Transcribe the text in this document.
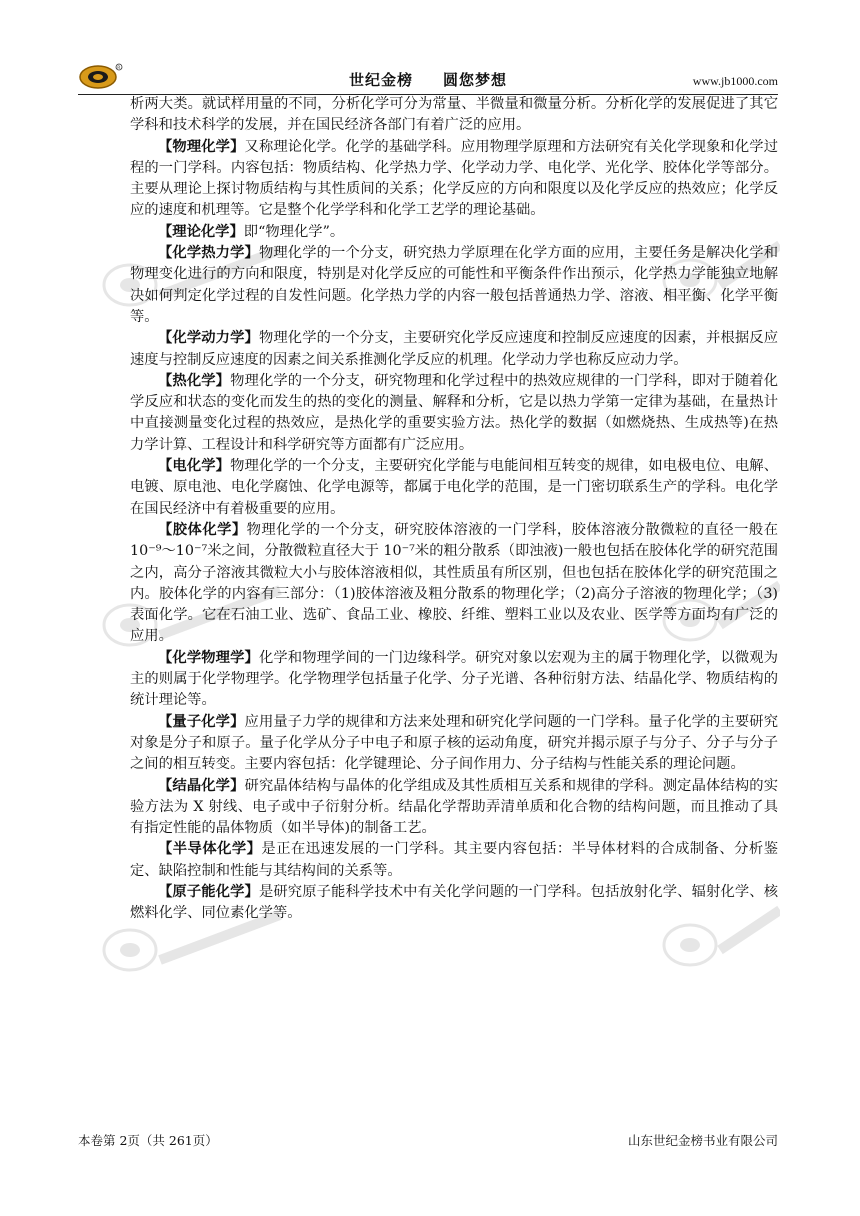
R
世纪金榜 圆您梦想	www.jb1000.com

析两大类。就试样用量的不同，分析化学可分为常量、半微量和微量分析。分析化学的发展促进了其它学科和技术科学的发展，并在国民经济各部门有着广泛的应用。

【物理化学】又称理论化学。化学的基础学科。应用物理学原理和方法研究有关化学现象和化学过程的一门学科。内容包括：物质结构、化学热力学、化学动力学、电化学、光化学、胶体化学等部分。主要从理论上探讨物质结构与其性质间的关系；化学反应的方向和限度以及化学反应的热效应；化学反应的速度和机理等。它是整个化学学科和化学工艺学的理论基础。

【理论化学】即“物理化学”。

【化学热力学】物理化学的一个分支，研究热力学原理在化学方面的应用，主要任务是解决化学和物理变化进行的方向和限度，特别是对化学反应的可能性和平衡条件作出预示，化学热力学能独立地解决如何判定化学过程的自发性问题。化学热力学的内容一般包括普通热力学、溶液、相平衡、化学平衡等。

【化学动力学】物理化学的一个分支，主要研究化学反应速度和控制反应速度的因素，并根据反应速度与控制反应速度的因素之间关系推测化学反应的机理。化学动力学也称反应动力学。

【热化学】物理化学的一个分支，研究物理和化学过程中的热效应规律的一门学科，即对于随着化学反应和状态的变化而发生的热的变化的测量、解释和分析，它是以热力学第一定律为基础，在量热计中直接测量变化过程的热效应，是热化学的重要实验方法。热化学的数据（如燃烧热、生成热等)在热力学计算、工程设计和科学研究等方面都有广泛应用。

【电化学】物理化学的一个分支，主要研究化学能与电能间相互转变的规律，如电极电位、电解、电镀、原电池、电化学腐蚀、化学电源等，都属于电化学的范围，是一门密切联系生产的学科。电化学在国民经济中有着极重要的应用。

【胶体化学】物理化学的一个分支，研究胶体溶液的一门学科，胶体溶液分散微粒的直径一般在 10⁻⁹～10⁻⁷米之间，分散微粒直径大于 10⁻⁷米的粗分散系（即浊液)一般也包括在胶体化学的研究范围之内，高分子溶液其微粒大小与胶体溶液相似，其性质虽有所区别，但也包括在胶体化学的研究范围之内。胶体化学的内容有三部分：（1)胶体溶液及粗分散系的物理化学；（2)高分子溶液的物理化学；（3)表面化学。它在石油工业、选矿、食品工业、橡胶、纤维、塑料工业以及农业、医学等方面均有广泛的应用。

【化学物理学】化学和物理学间的一门边缘科学。研究对象以宏观为主的属于物理化学，以微观为主的则属于化学物理学。化学物理学包括量子化学、分子光谱、各种衍射方法、结晶化学、物质结构的统计理论等。

【量子化学】应用量子力学的规律和方法来处理和研究化学问题的一门学科。量子化学的主要研究对象是分子和原子。量子化学从分子中电子和原子核的运动角度，研究并揭示原子与分子、分子与分子之间的相互转变。主要内容包括：化学键理论、分子间作用力、分子结构与性能关系的理论问题。

【结晶化学】研究晶体结构与晶体的化学组成及其性质相互关系和规律的学科。测定晶体结构的实验方法为 X 射线、电子或中子衍射分析。结晶化学帮助弄清单质和化合物的结构问题，而且推动了具有指定性能的晶体物质（如半导体)的制备工艺。

【半导体化学】是正在迅速发展的一门学科。其主要内容包括：半导体材料的合成制备、分析鉴定、缺陷控制和性能与其结构间的关系等。

【原子能化学】是研究原子能科学技术中有关化学问题的一门学科。包括放射化学、辐射化学、核燃料化学、同位素化学等。

本卷第 2页（共 261页）	山东世纪金榜书业有限公司
